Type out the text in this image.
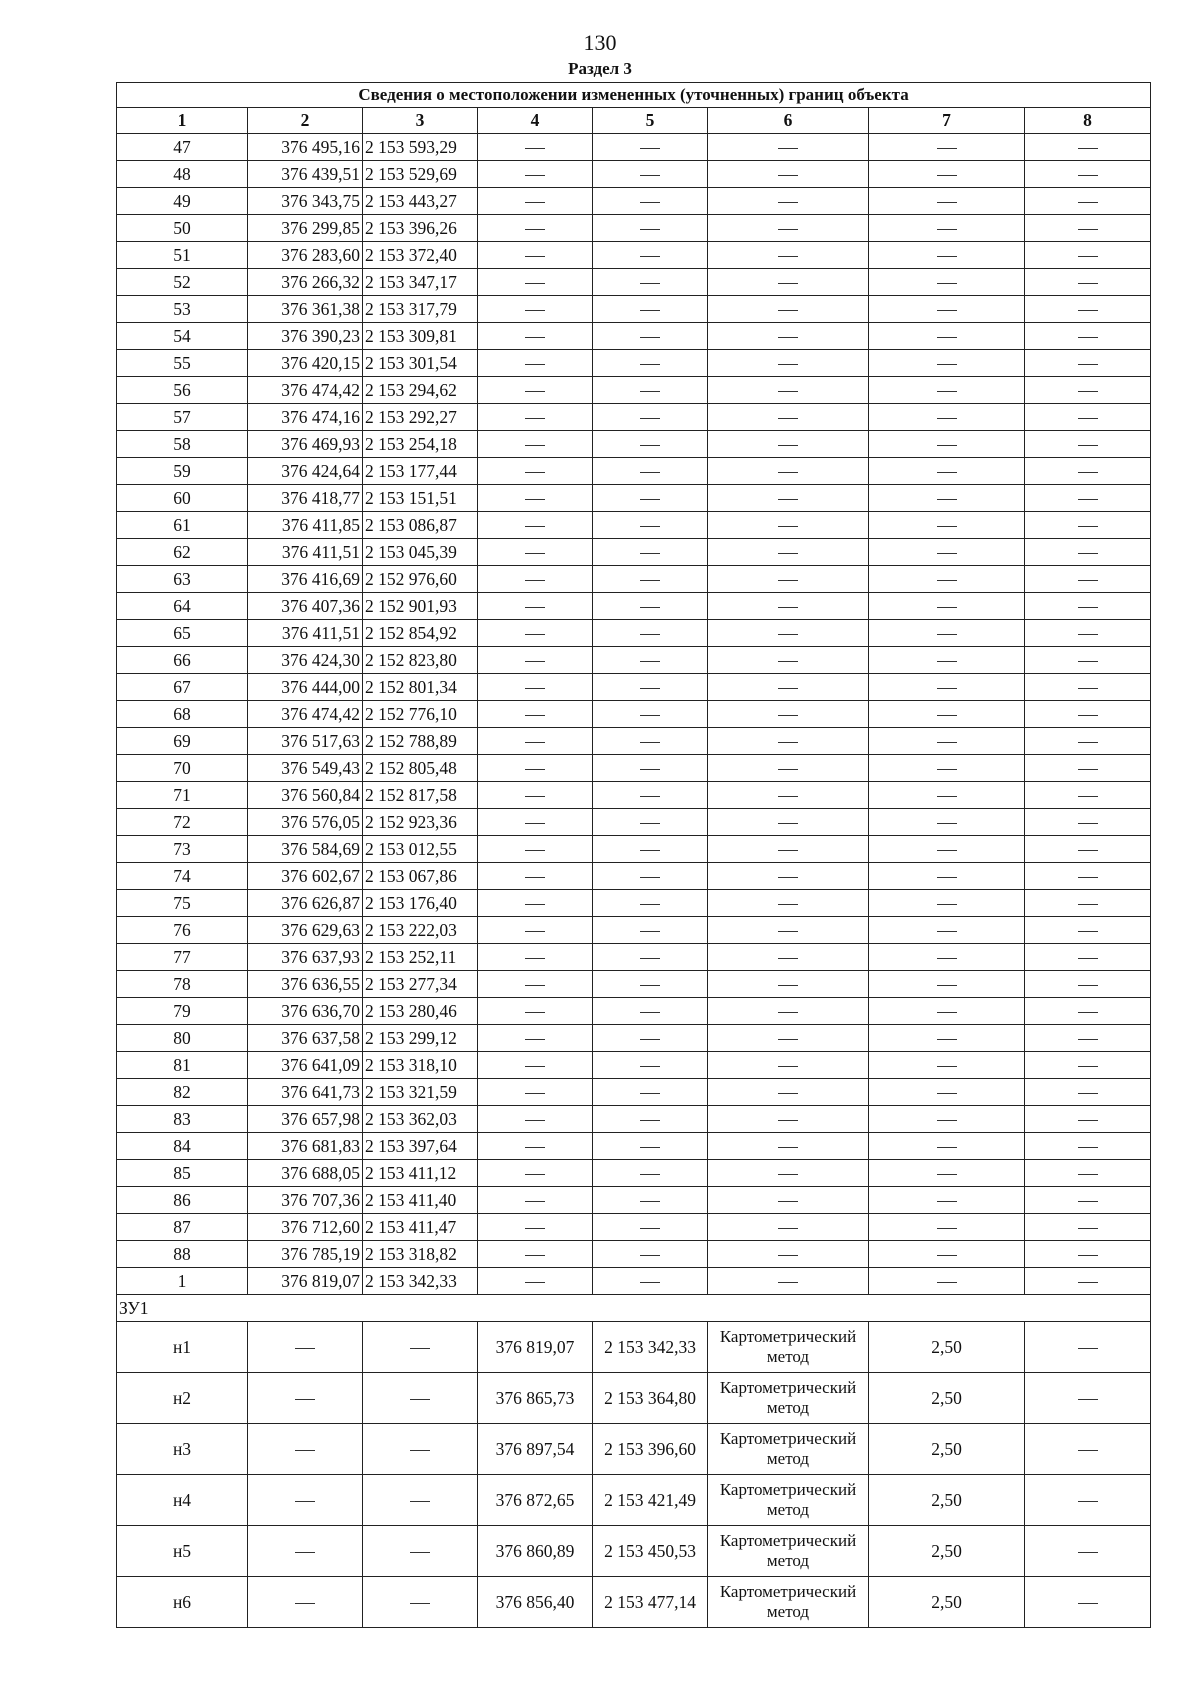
130
Раздел 3
Сведения о местоположении измененных (уточненных) границ объекта							
1	2	3	4	5	6	7	8
47	376 495,16	2 153 593,29					
48	376 439,51	2 153 529,69					
49	376 343,75	2 153 443,27					
50	376 299,85	2 153 396,26					
51	376 283,60	2 153 372,40					
52	376 266,32	2 153 347,17					
53	376 361,38	2 153 317,79					
54	376 390,23	2 153 309,81					
55	376 420,15	2 153 301,54					
56	376 474,42	2 153 294,62					
57	376 474,16	2 153 292,27					
58	376 469,93	2 153 254,18					
59	376 424,64	2 153 177,44					
60	376 418,77	2 153 151,51					
61	376 411,85	2 153 086,87					
62	376 411,51	2 153 045,39					
63	376 416,69	2 152 976,60					
64	376 407,36	2 152 901,93					
65	376 411,51	2 152 854,92					
66	376 424,30	2 152 823,80					
67	376 444,00	2 152 801,34					
68	376 474,42	2 152 776,10					
69	376 517,63	2 152 788,89					
70	376 549,43	2 152 805,48					
71	376 560,84	2 152 817,58					
72	376 576,05	2 152 923,36					
73	376 584,69	2 153 012,55					
74	376 602,67	2 153 067,86					
75	376 626,87	2 153 176,40					
76	376 629,63	2 153 222,03					
77	376 637,93	2 153 252,11					
78	376 636,55	2 153 277,34					
79	376 636,70	2 153 280,46					
80	376 637,58	2 153 299,12					
81	376 641,09	2 153 318,10					
82	376 641,73	2 153 321,59					
83	376 657,98	2 153 362,03					
84	376 681,83	2 153 397,64					
85	376 688,05	2 153 411,12					
86	376 707,36	2 153 411,40					
87	376 712,60	2 153 411,47					
88	376 785,19	2 153 318,82					
1	376 819,07	2 153 342,33					
ЗУ1							
н1			376 819,07	2 153 342,33	Картометрический метод	2,50	
н2			376 865,73	2 153 364,80	Картометрический метод	2,50	
н3			376 897,54	2 153 396,60	Картометрический метод	2,50	
н4			376 872,65	2 153 421,49	Картометрический метод	2,50	
н5			376 860,89	2 153 450,53	Картометрический метод	2,50	
н6			376 856,40	2 153 477,14	Картометрический метод	2,50	
